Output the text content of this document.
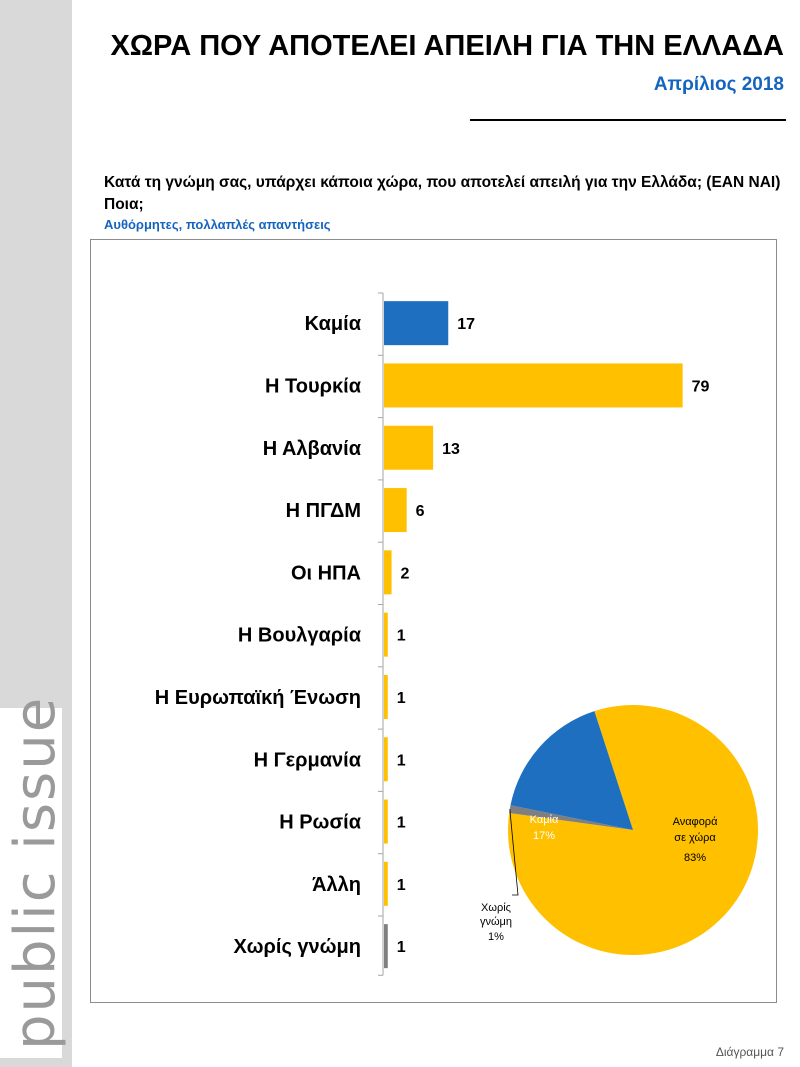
public issue
ΧΩΡΑ ΠΟΥ ΑΠΟΤΕΛΕΙ ΑΠΕΙΛΗ ΓΙΑ ΤΗΝ ΕΛΛΑΔΑ
Απρίλιος 2018
Κατά τη γνώμη σας, υπάρχει κάποια χώρα, που αποτελεί απειλή για την Ελλάδα; (ΕΑΝ ΝΑΙ) Ποια;
Αυθόρμητες, πολλαπλές απαντήσεις
Καμία	17
Η Τουρκία	79
Η Αλβανία	13
Η ΠΓΔΜ	6
Οι ΗΠΑ 2
Η Βουλγαρία 1
Η Ευρωπαϊκή Ένωση 1
Η Γερμανία 1
Η Ρωσία 1
Άλλη 1
Χωρίς γνώμη 1
Αναφορά
σε χώρα
83%
Χωρίς
γνώμη
1%
Καμία
17%
Διάγραμμα 7
